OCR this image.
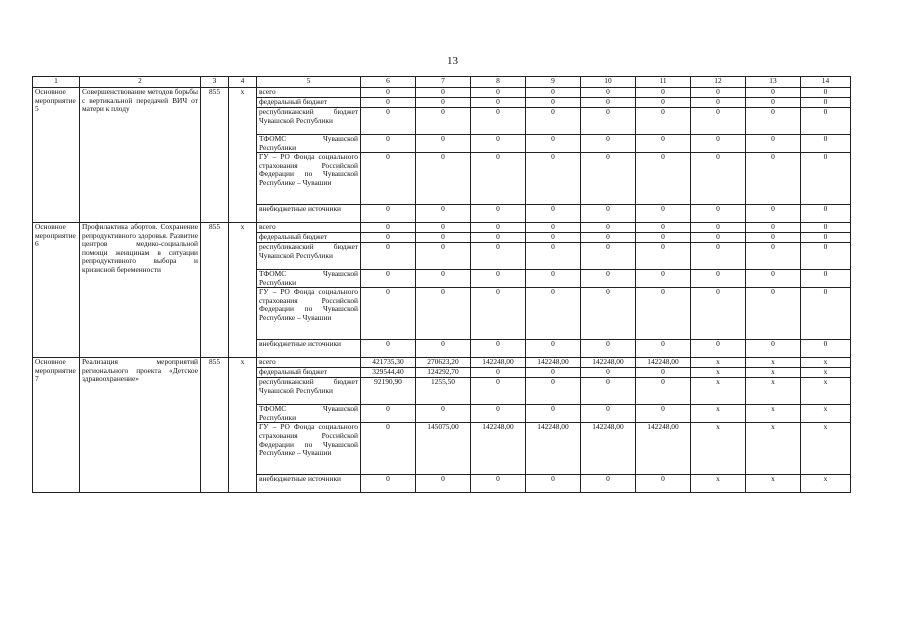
13
1	2	3	4	5	6	7	8	9	10	11	12	13	14
Основное мероприятие 5	Совершенствование методов борьбы с вертикальной передачей ВИЧ от матери к плоду	855	x	всего	0	0	0	0	0	0	0	0	0
				федеральный бюджет	0	0	0	0	0	0	0	0	0
				республиканский бюджет Чувашской Республики	0	0	0	0	0	0	0	0	0
				ТФОМС Чувашской Республики	0	0	0	0	0	0	0	0	0
				ГУ – РО Фонда социального страхования Российской Федерации по Чувашской Республике – Чувашии	0	0	0	0	0	0	0	0	0
				внебюджетные источники	0	0	0	0	0	0	0	0	0
Основное мероприятие 6	Профилактика абортов. Сохранение репродуктивного здоровья. Развитие центров медико-социальной помощи женщинам в ситуации репродуктивного выбора и кризисной беременности	855	x	всего	0	0	0	0	0	0	0	0	0
				федеральный бюджет	0	0	0	0	0	0	0	0	0
				республиканский бюджет Чувашской Республики	0	0	0	0	0	0	0	0	0
				ТФОМС Чувашской Республики	0	0	0	0	0	0	0	0	0
				ГУ – РО Фонда социального страхования Российской Федерации по Чувашской Республике – Чувашии	0	0	0	0	0	0	0	0	0
				внебюджетные источники	0	0	0	0	0	0	0	0	0
Основное мероприятие 7	Реализация мероприятий регионального проекта «Детское здравоохранение»	855	x	всего	421735,30	270623,20	142248,00	142248,00	142248,00	142248,00	x	x	x
				федеральный бюджет	329544,40	124292,70	0	0	0	0	x	x	x
				республиканский бюджет Чувашской Республики	92190,90	1255,50	0	0	0	0	x	x	x
				ТФОМС Чувашской Республики	0	0	0	0	0	0	x	x	x
				ГУ – РО Фонда социального страхования Российской Федерации по Чувашской Республике – Чувашии	0	145075,00	142248,00	142248,00	142248,00	142248,00	x	x	x
				внебюджетные источники	0	0	0	0	0	0	x	x	x
